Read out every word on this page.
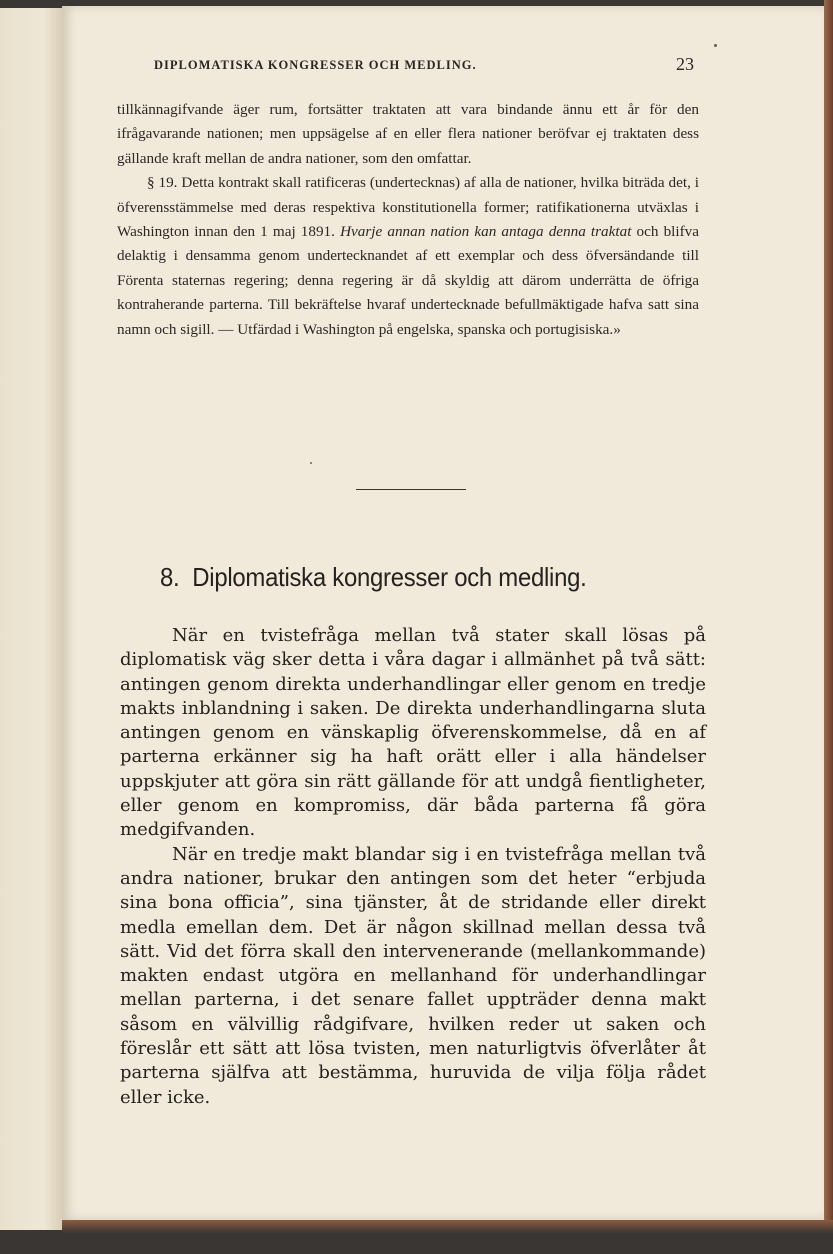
DIPLOMATISKA KONGRESSER OCH MEDLING.	23

tillkännagifvande äger rum, fortsätter traktaten att vara bindande ännu ett år för den ifrågavarande nationen; men uppsägelse af en eller flera nationer beröfvar ej traktaten dess gällande kraft mellan de andra nationer, som den omfattar.

§ 19. Detta kontrakt skall ratificeras (undertecknas) af alla de nationer, hvilka biträda det, i öfverensstämmelse med deras respektiva konstitutionella former; ratifikationerna utväxlas i Washington innan den 1 maj 1891. Hvarje annan nation kan antaga denna traktat och blifva delaktig i densamma genom undertecknandet af ett exemplar och dess öfversändande till Förenta staternas regering; denna regering är då skyldig att därom underrätta de öfriga kontraherande parterna. Till bekräftelse hvaraf undertecknade befullmäktigade hafva satt sina namn och sigill. — Utfärdad i Washington på engelska, spanska och portugisiska.»

8. Diplomatiska kongresser och medling.

När en tvistefråga mellan två stater skall lösas på diplomatisk väg sker detta i våra dagar i allmänhet på två sätt: antingen genom direkta underhandlingar eller genom en tredje makts inblandning i saken. De direkta underhandlingarna sluta antingen genom en vänskaplig öfverenskommelse, då en af parterna erkänner sig ha haft orätt eller i alla händelser uppskjuter att göra sin rätt gällande för att undgå fientligheter, eller genom en kompromiss, där båda parterna få göra medgifvanden.

När en tredje makt blandar sig i en tvistefråga mellan två andra nationer, brukar den antingen som det heter “erbjuda sina bona officia”, sina tjänster, åt de stridande eller direkt medla emellan dem. Det är någon skillnad mellan dessa två sätt. Vid det förra skall den intervenerande (mellankommande) makten endast utgöra en mellanhand för underhandlingar mellan parterna, i det senare fallet uppträder denna makt såsom en välvillig rådgifvare, hvilken reder ut saken och föreslår ett sätt att lösa tvisten, men naturligtvis öfverlåter åt parterna själfva att bestämma, huruvida de vilja följa rådet eller icke.
